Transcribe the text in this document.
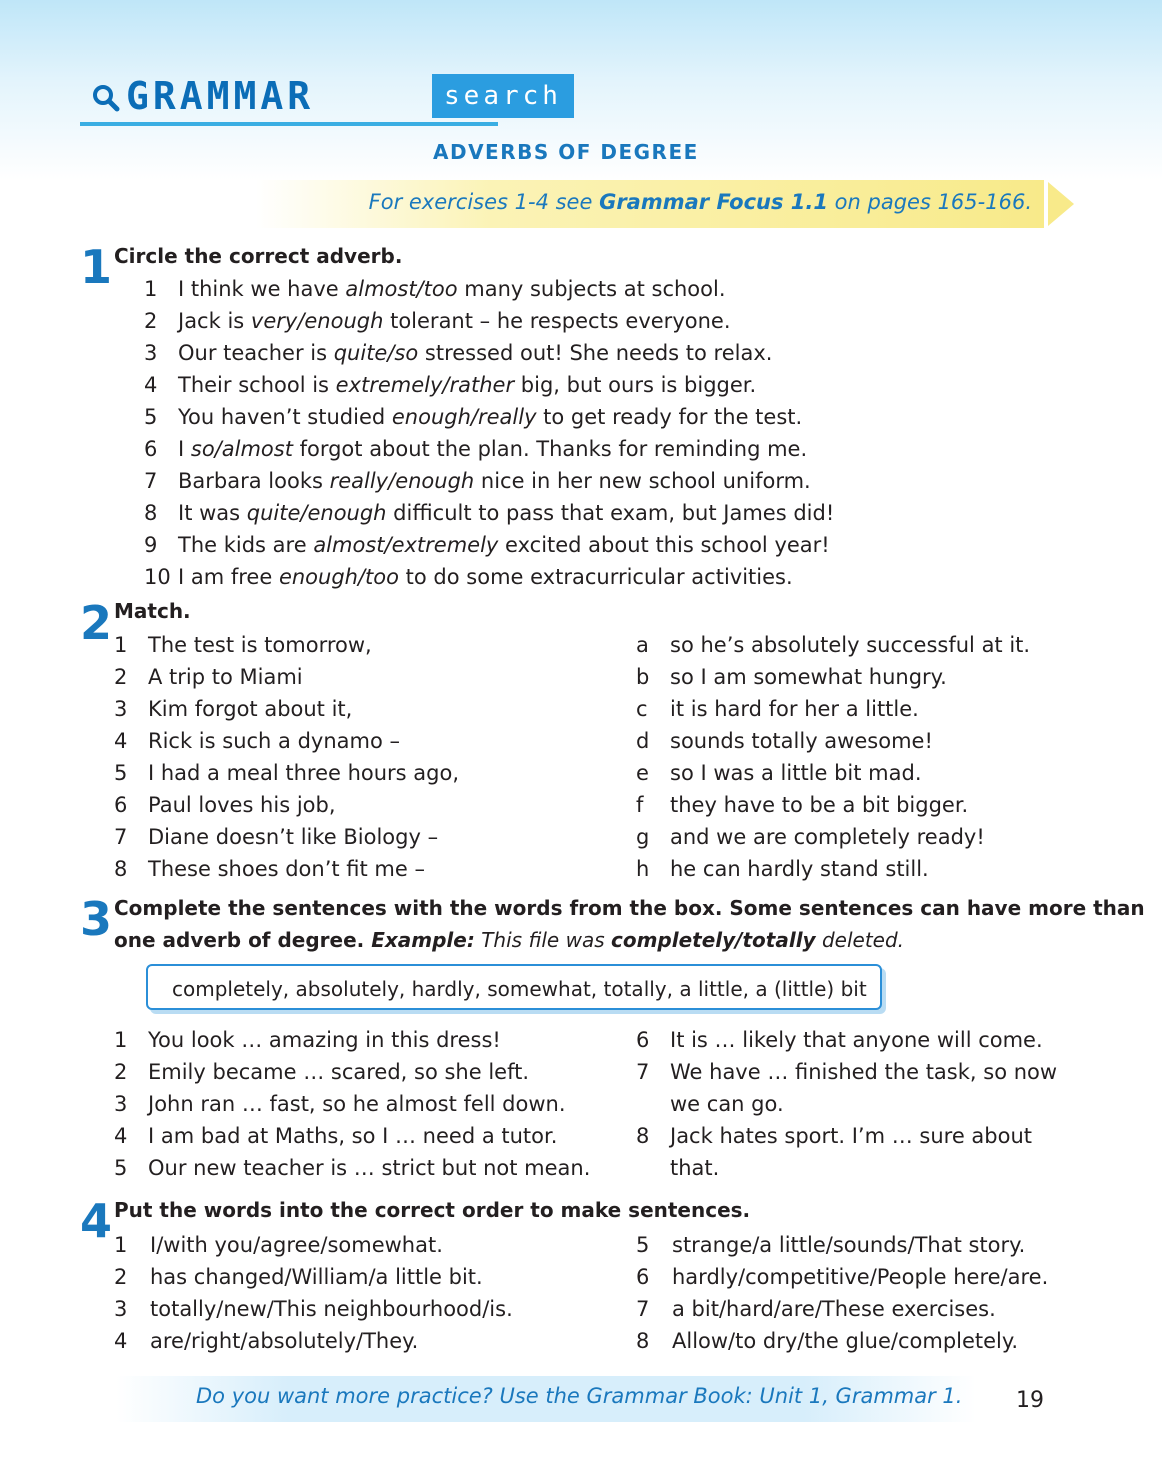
GRAMMAR	search
ADVERBS OF DEGREE
For exercises 1-4 see Grammar Focus 1.1 on pages 165-166.
1 Circle the correct adverb.
1 I think we have almost/too many subjects at school.
2 Jack is very/enough tolerant – he respects everyone.
3 Our teacher is quite/so stressed out! She needs to relax.
4 Their school is extremely/rather big, but ours is bigger.
5 You haven’t studied enough/really to get ready for the test.
6 I so/almost forgot about the plan. Thanks for reminding me.
7 Barbara looks really/enough nice in her new school uniform.
8 It was quite/enough difficult to pass that exam, but James did!
9 The kids are almost/extremely excited about this school year!
10 I am free enough/too to do some extracurricular activities.
2 Match.
1 The test is tomorrow,
2 A trip to Miami
3 Kim forgot about it,
4 Rick is such a dynamo –
5 I had a meal three hours ago,
6 Paul loves his job,
7 Diane doesn’t like Biology –
8 These shoes don’t fit me –
a so he’s absolutely successful at it.
b so I am somewhat hungry.
c it is hard for her a little.
d sounds totally awesome!
e so I was a little bit mad.
f they have to be a bit bigger.
g and we are completely ready!
h he can hardly stand still.
3 Complete the sentences with the words from the box. Some sentences can have more than
one adverb of degree. Example: This file was completely/totally deleted.
completely, absolutely, hardly, somewhat, totally, a little, a (little) bit
1 You look … amazing in this dress!
2 Emily became … scared, so she left.
3 John ran … fast, so he almost fell down.
4 I am bad at Maths, so I … need a tutor.
5 Our new teacher is … strict but not mean.
6 It is … likely that anyone will come.
7 We have … finished the task, so now
we can go.
8 Jack hates sport. I’m … sure about
that.
4 Put the words into the correct order to make sentences.
1 I/with you/agree/somewhat.
2 has changed/William/a little bit.
3 totally/new/This neighbourhood/is.
4 are/right/absolutely/They.
5 strange/a little/sounds/That story.
6 hardly/competitive/People here/are.
7 a bit/hard/are/These exercises.
8 Allow/to dry/the glue/completely.
Do you want more practice? Use the Grammar Book: Unit 1, Grammar 1. 19
